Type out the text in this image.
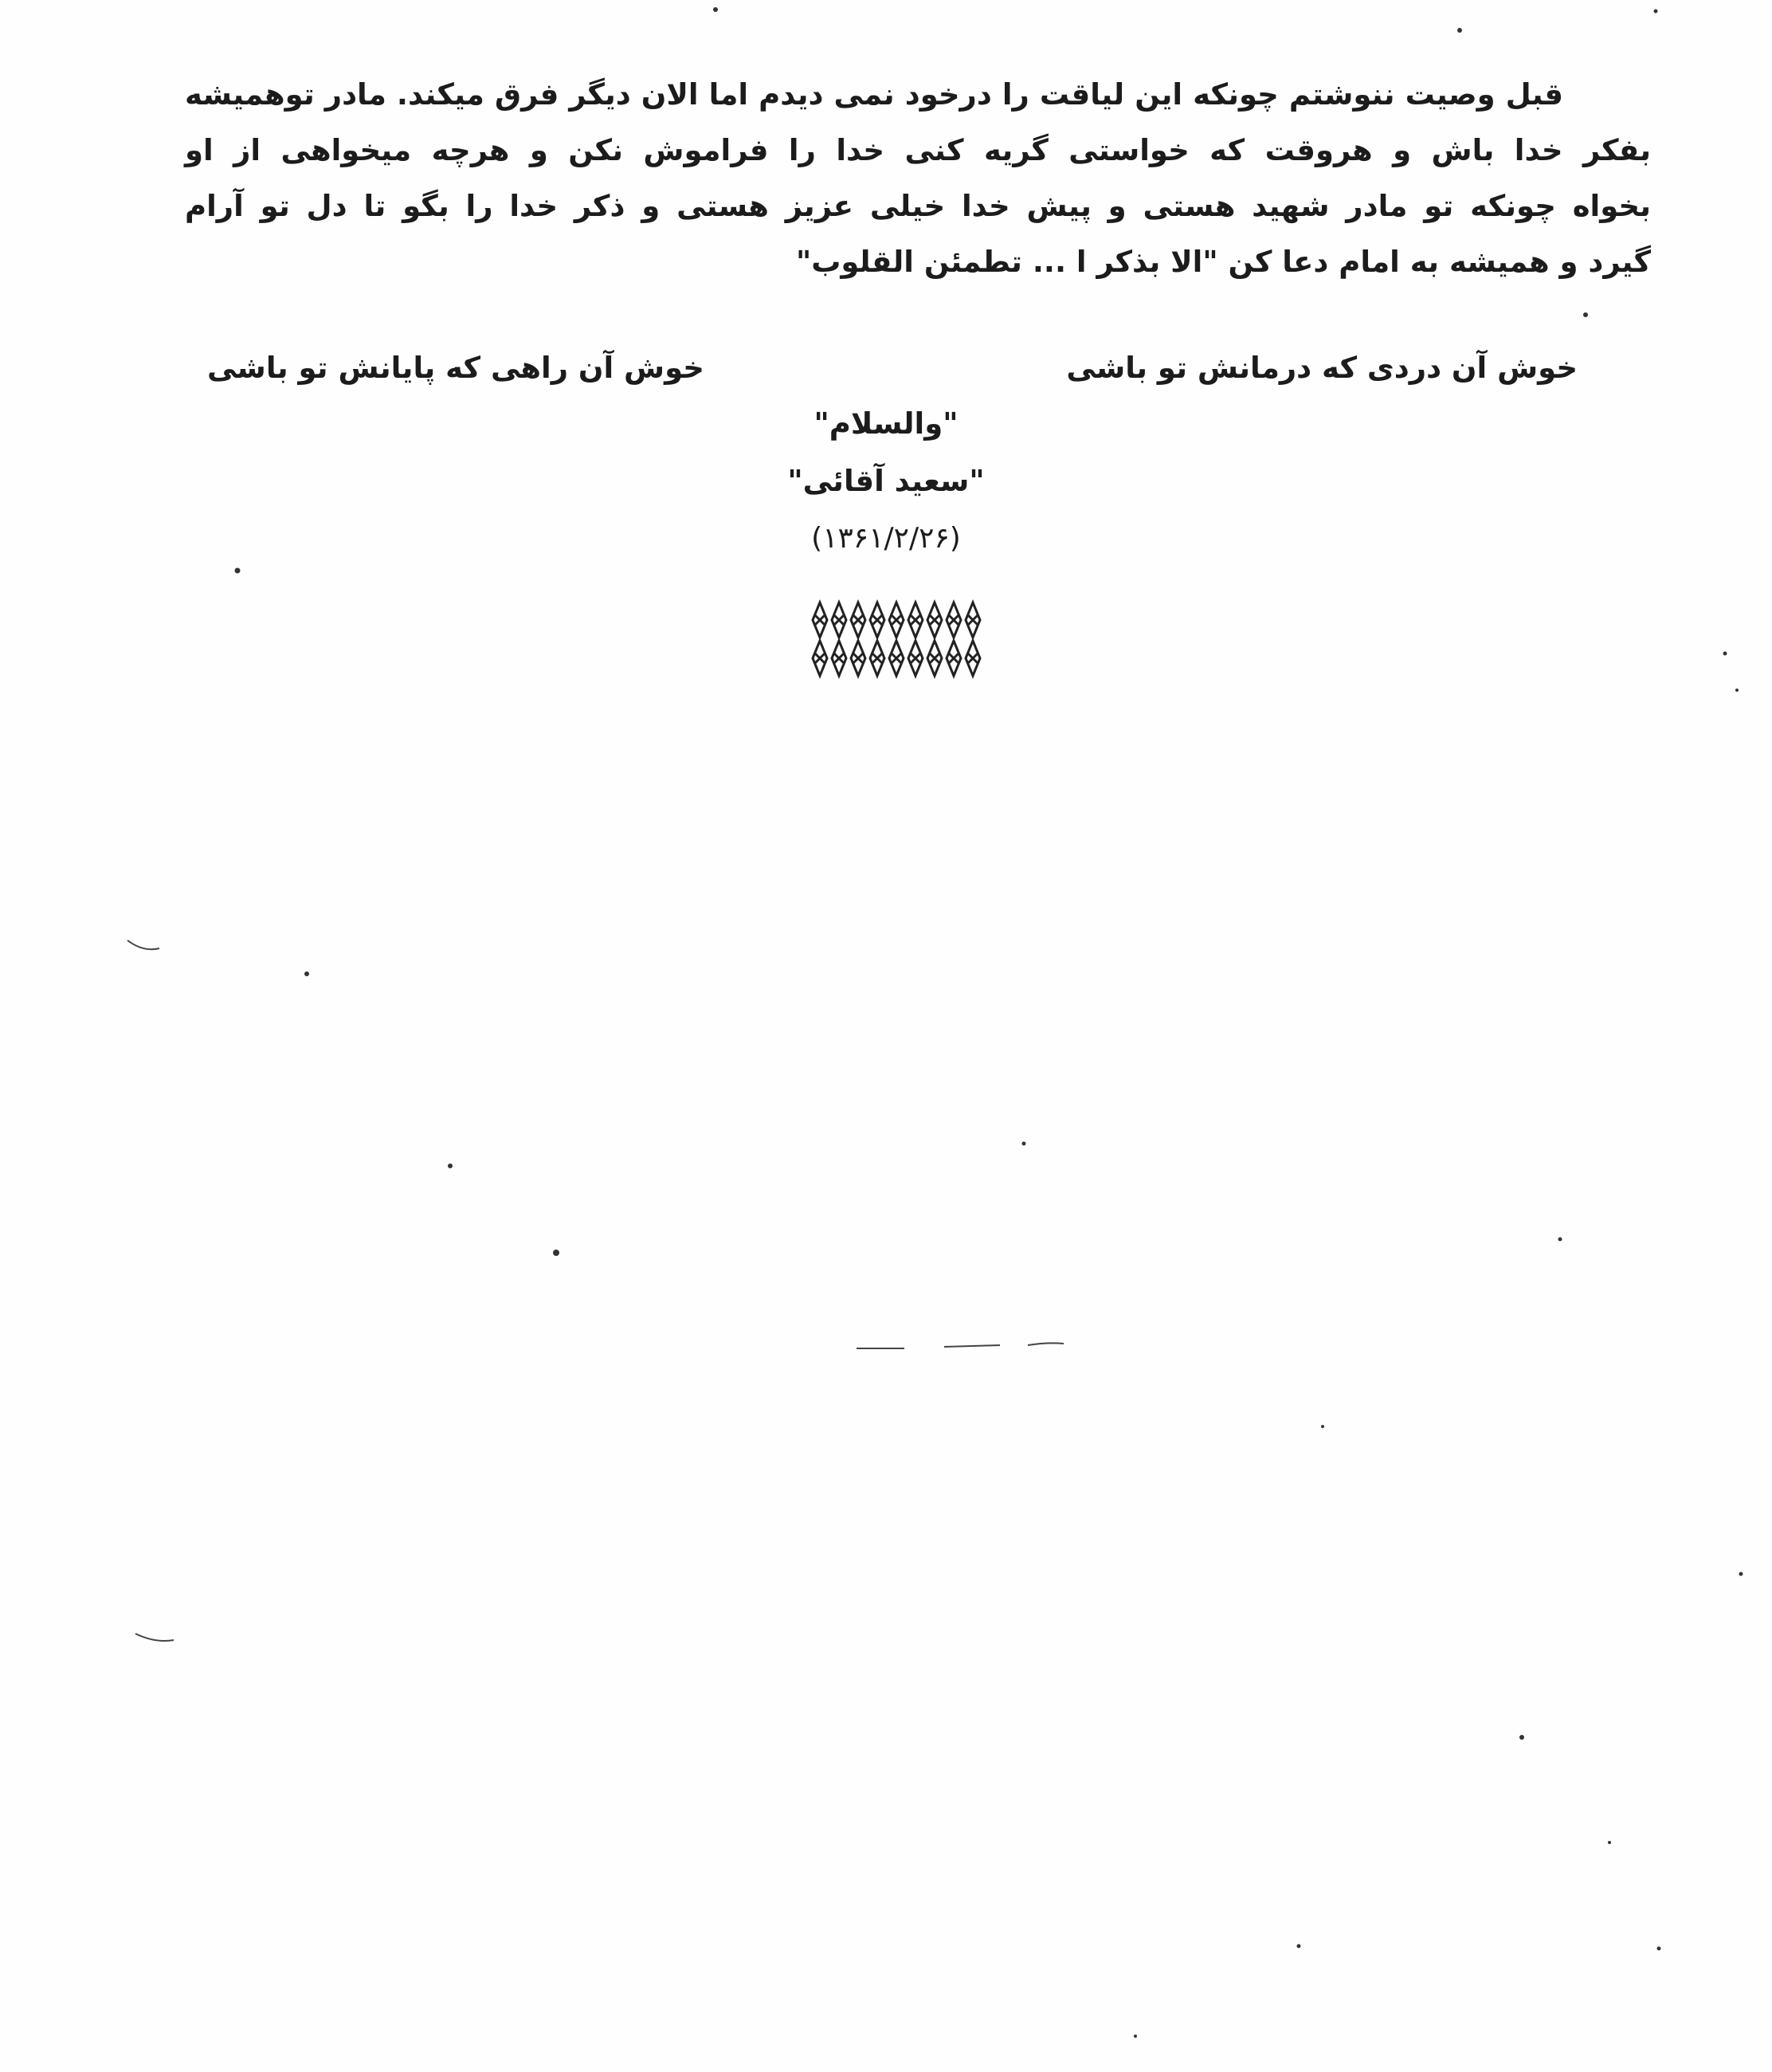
قبل وصیت ننوشتم چونکه این لیاقت را درخود نمی دیدم اما الان دیگر فرق میکند. مادر توهمیشه
بفکر خدا باش و هروقت که خواستی گریه کنی خدا را فراموش نکن و هرچه میخواهی از او
بخواه چونکه تو مادر شهید هستی و پیش خدا خیلی عزیز هستی و ذکر خدا را بگو تا دل تو آرام
گیرد و همیشه به امام دعا کن "الا بذکر ا ... تطمئن القلوب"
خوش آن دردی که درمانش تو باشی
خوش آن راهی که پایانش تو باشی
"والسلام"
"سعید آقائی"
(۱۳۶۱/۲/۲۶)
